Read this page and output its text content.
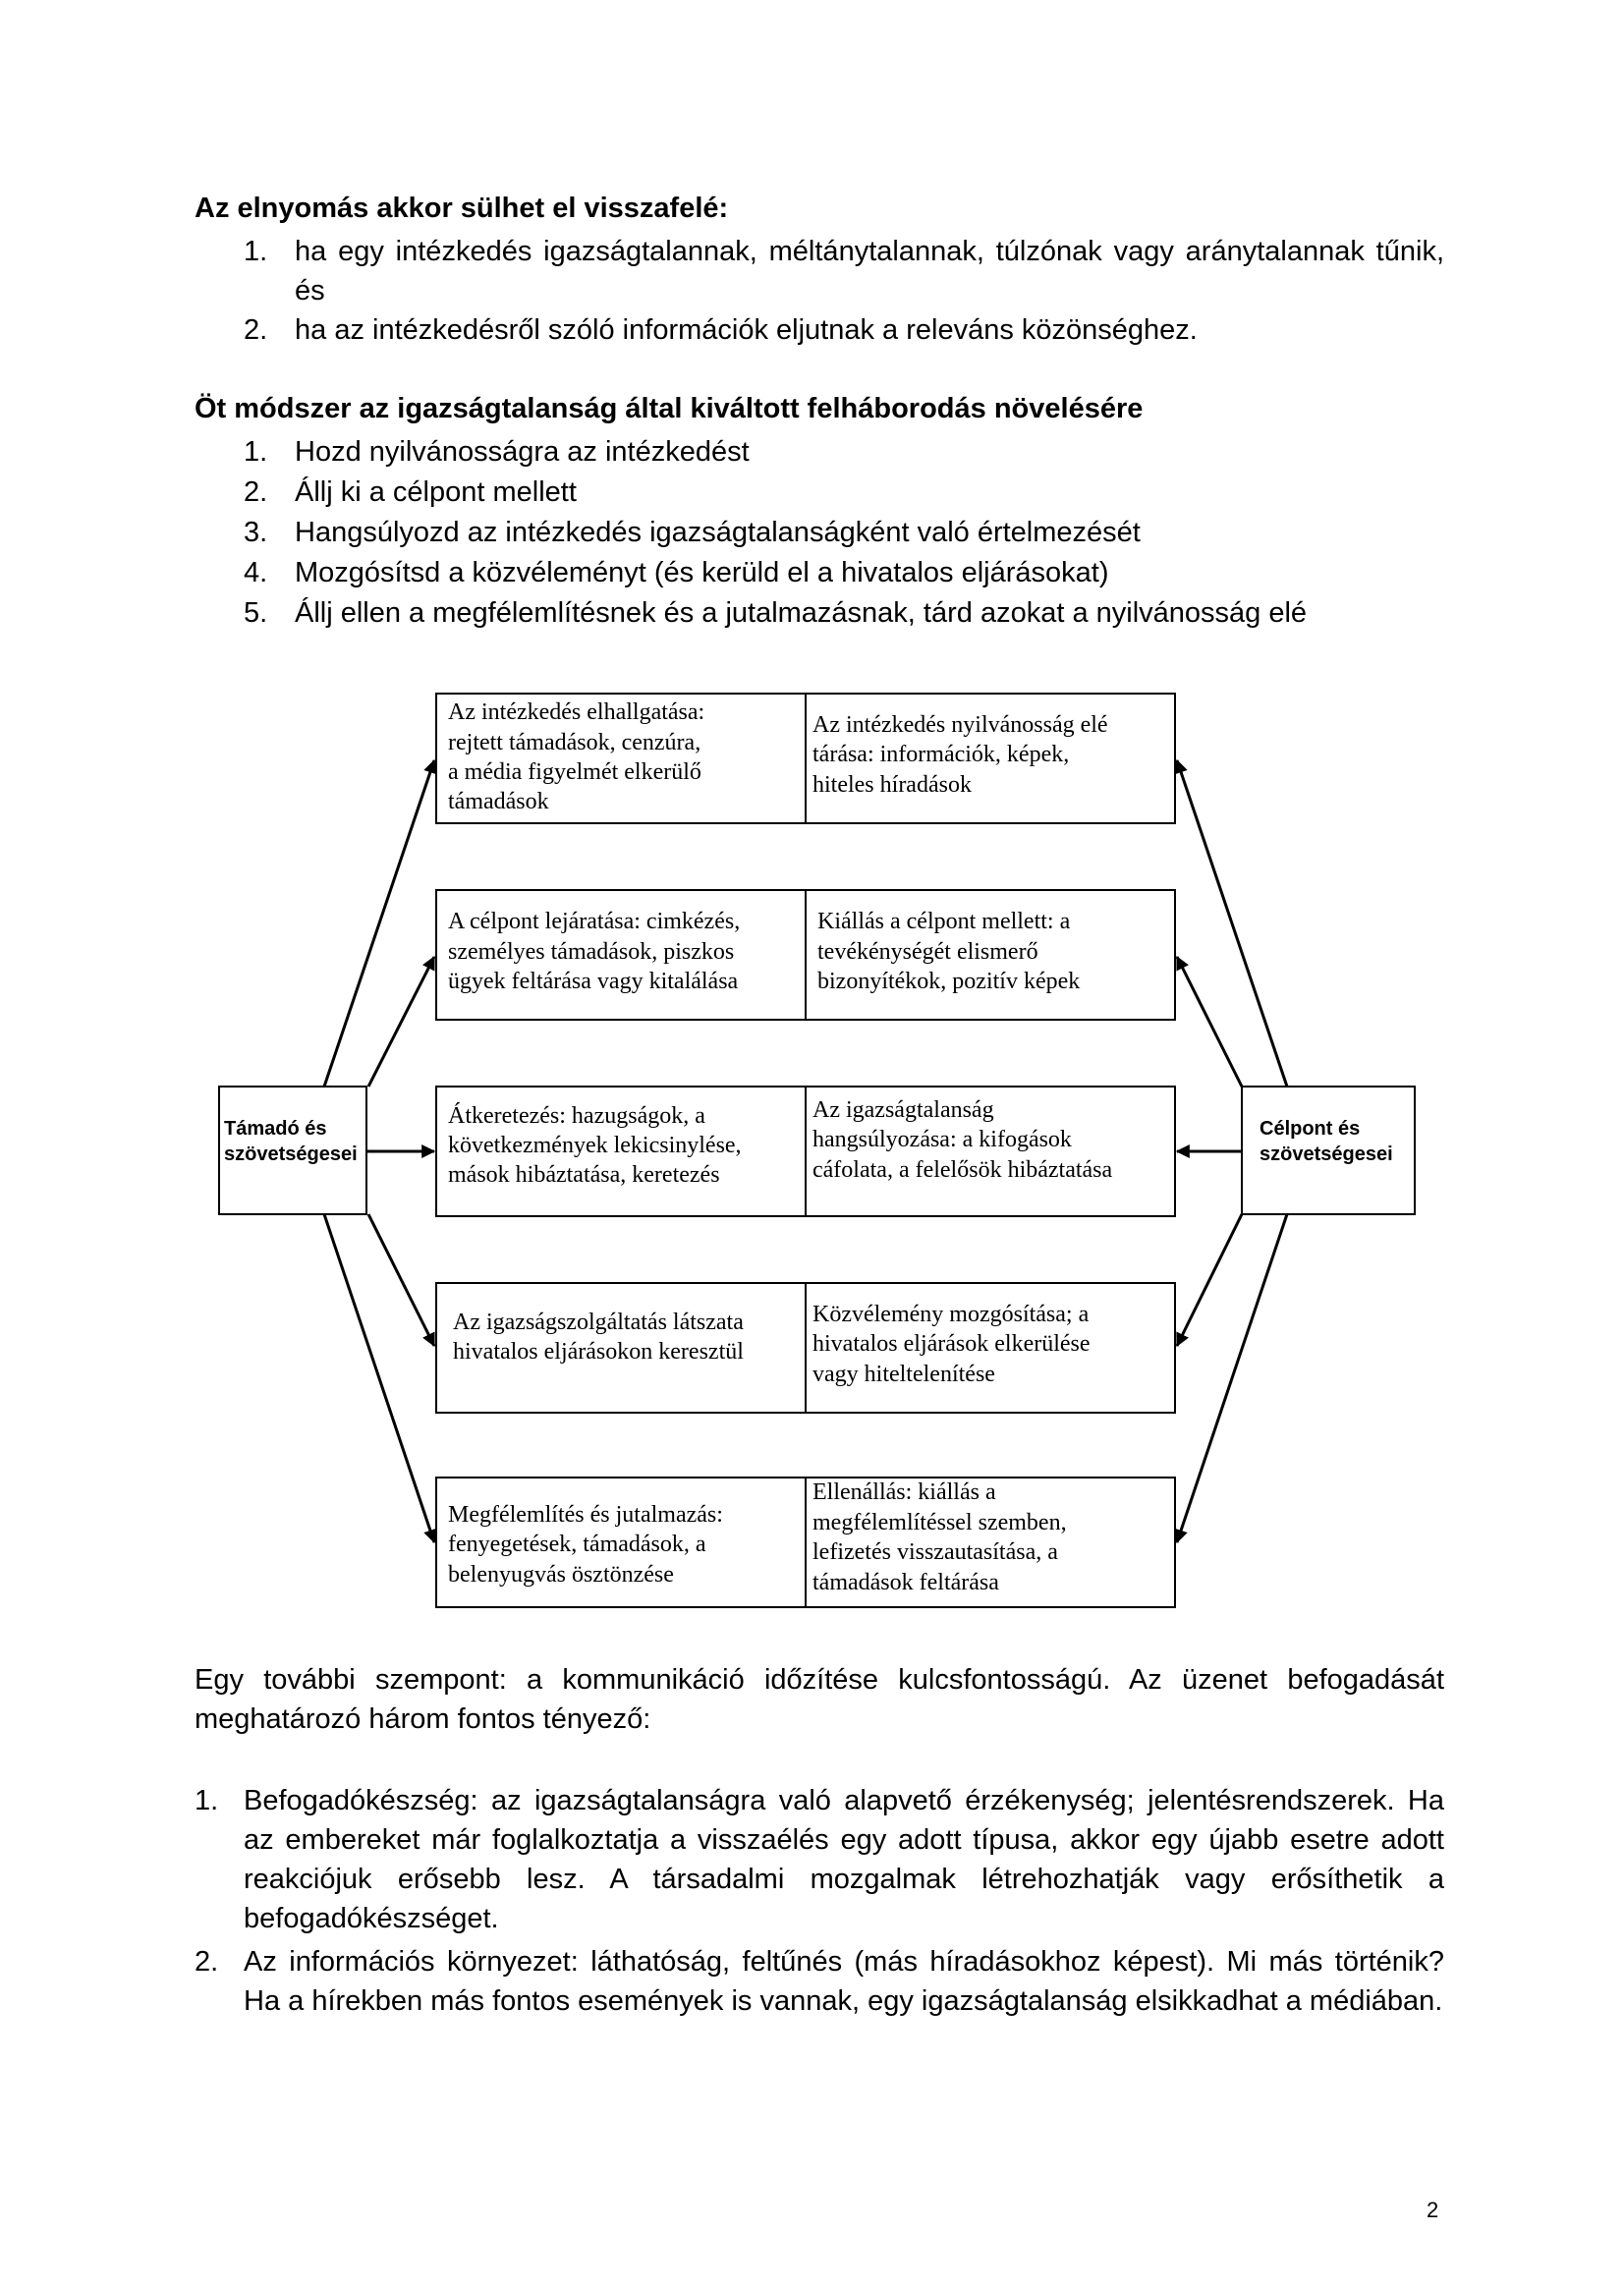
Az elnyomás akkor sülhet el visszafelé:

1. ha egy intézkedés igazságtalannak, méltánytalannak, túlzónak vagy aránytalannak tűnik, és
2. ha az intézkedésről szóló információk eljutnak a releváns közönséghez.

Öt módszer az igazságtalanság által kiváltott felháborodás növelésére

1. Hozd nyilvánosságra az intézkedést
2. Állj ki a célpont mellett
3. Hangsúlyozd az intézkedés igazságtalanságként való értelmezését
4. Mozgósítsd a közvéleményt (és kerüld el a hivatalos eljárásokat)
5. Állj ellen a megfélemlítésnek és a jutalmazásnak, tárd azokat a nyilvánosság elé
Támadó és
szövetségesei
Célpont és
szövetségesei
Az intézkedés elhallgatása:
rejtett támadások, cenzúra,
a média figyelmét elkerülő
támadások
Az intézkedés nyilvánosság elé
tárása: információk, képek,
hiteles híradások
A célpont lejáratása: cimkézés,
személyes támadások, piszkos
ügyek feltárása vagy kitalálása
Kiállás a célpont mellett: a
tevékénységét elismerő
bizonyítékok, pozitív képek
Átkeretezés: hazugságok, a
következmények lekicsinylése,
mások hibáztatása, keretezés
Az igazságtalanság
hangsúlyozása: a kifogások
cáfolata, a felelősök hibáztatása
Az igazságszolgáltatás látszata
hivatalos eljárásokon keresztül
Közvélemény mozgósítása; a
hivatalos eljárások elkerülése
vagy hiteltelenítése
Megfélemlítés és jutalmazás:
fenyegetések, támadások, a
belenyugvás ösztönzése
Ellenállás: kiállás a
megfélemlítéssel szemben,
lefizetés visszautasítása, a
támadások feltárása

Egy további szempont: a kommunikáció időzítése kulcsfontosságú. Az üzenet befogadását meghatározó három fontos tényező:

1. Befogadókészség: az igazságtalanságra való alapvető érzékenység; jelentésrendszerek. Ha az embereket már foglalkoztatja a visszaélés egy adott típusa, akkor egy újabb esetre adott reakciójuk erősebb lesz. A társadalmi mozgalmak létrehozhatják vagy erősíthetik a befogadókészséget.
2. Az információs környezet: láthatóság, feltűnés (más híradásokhoz képest). Mi más történik? Ha a hírekben más fontos események is vannak, egy igazságtalanság elsikkadhat a médiában.
2
